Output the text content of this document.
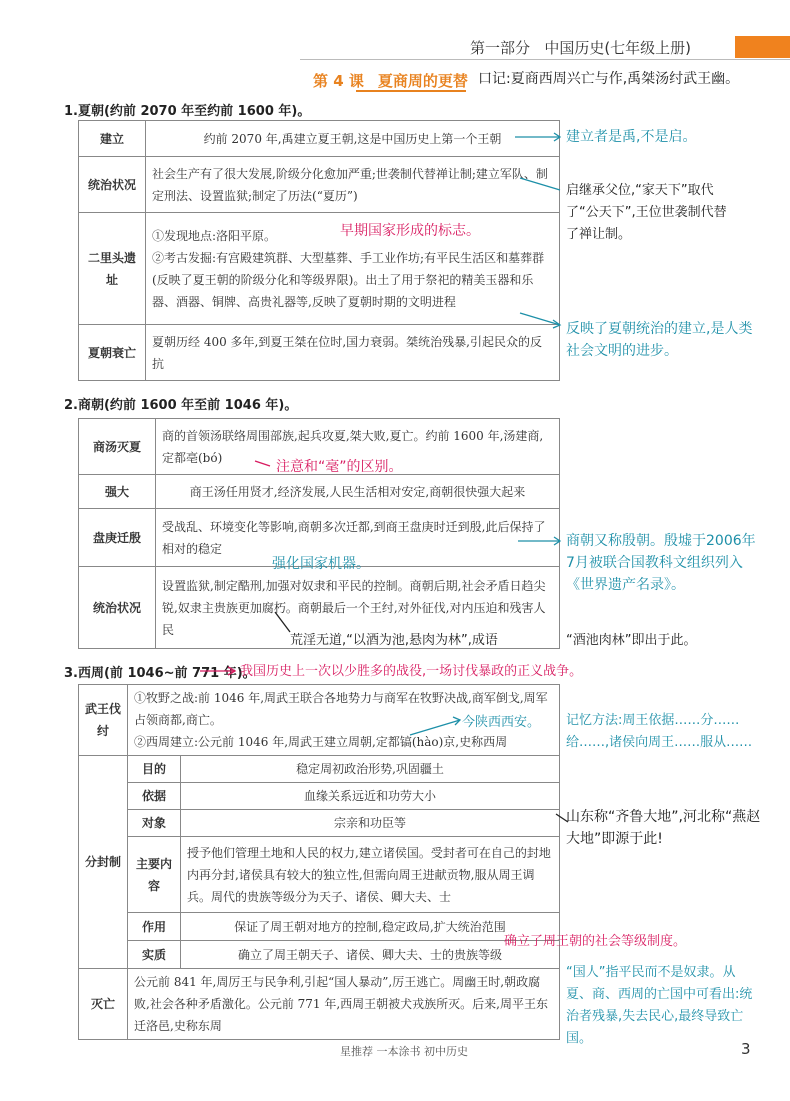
第一部分 中国历史(七年级上册)
第 4 课 夏商周的更替 口记:夏商西周兴亡与作,禹桀汤纣武王幽。
1.夏朝(约前 2070 年至约前 1600 年)。
建立	约前 2070 年,禹建立夏王朝,这是中国历史上第一个王朝
统治状况	社会生产有了很大发展,阶级分化愈加严重;世袭制代替禅让制;建立军队、制定刑法、设置监狱;制定了历法(“夏历”)
二里头遗址	①发现地点:洛阳平原。
②考古发掘:有宫殿建筑群、大型墓葬、手工业作坊;有平民生活区和墓葬群(反映了夏王朝的阶级分化和等级界限)。出土了用于祭祀的精美玉器和乐器、酒器、铜牌、高贵礼器等,反映了夏朝时期的文明进程

夏朝衰亡	夏朝历经 400 多年,到夏王桀在位时,国力衰弱。桀统治残暴,引起民众的反抗
2.商朝(约前 1600 年至前 1046 年)。
商汤灭夏	商的首领汤联络周围部族,起兵攻夏,桀大败,夏亡。约前 1600 年,汤建商,定都亳(bó)
强大	商王汤任用贤才,经济发展,人民生活相对安定,商朝很快强大起来
盘庚迁殷	受战乱、环境变化等影响,商朝多次迁都,到商王盘庚时迁到殷,此后保持了相对的稳定
统治状况	设置监狱,制定酷刑,加强对奴隶和平民的控制。商朝后期,社会矛盾日趋尖锐,奴隶主贵族更加腐朽。商朝最后一个王纣,对外征伐,对内压迫和残害人民
3.西周(前 1046~前 771 年)。
武王伐纣	①牧野之战:前 1046 年,周武王联合各地势力与商军在牧野决战,商军倒戈,周军占领商都,商亡。
②西周建立:公元前 1046 年,周武王建立周朝,定都镐(hào)京,史称西周	

分封制	目的	稳定周初政治形势,巩固疆土
	依据	血缘关系远近和功劳大小
	对象	宗亲和功臣等
	主要内容	授予他们管理土地和人民的权力,建立诸侯国。受封者可在自己的封地内再分封,诸侯具有较大的独立性,但需向周王进献贡物,服从周王调兵。周代的贵族等级分为天子、诸侯、卿大夫、士
	作用	保证了周王朝对地方的控制,稳定政局,扩大统治范围
	实质	确立了周王朝天子、诸侯、卿大夫、士的贵族等级
灭亡	公元前 841 年,周厉王与民争利,引起“国人暴动”,厉王逃亡。周幽王时,朝政腐败,社会各种矛盾激化。公元前 771 年,西周王朝被犬戎族所灭。后来,周平王东迁洛邑,史称东周	
建立者是禹,不是启。
启继承父位,“家天下”取代了“公天下”,王位世袭制代替了禅让制。
早期国家形成的标志。
反映了夏朝统治的建立,是人类社会文明的进步。
注意和“毫”的区别。
强化国家机器。
商朝又称殷朝。殷墟于2006年7月被联合国教科文组织列入《世界遗产名录》。
荒淫无道,“以酒为池,悬肉为林”,成语	“酒池肉林”即出于此。
我国历史上一次以少胜多的战役,一场讨伐暴政的正义战争。
今陕西西安。 记忆方法:周王依据……分……给……,诸侯向周王……服从……
山东称“齐鲁大地”,河北称“燕赵大地”即源于此!
确立了周王朝的社会等级制度。
“国人”指平民而不是奴隶。从夏、商、西周的亡国中可看出:统治者残暴,失去民心,最终导致亡国。
星推荐 一本涂书 初中历史	3
